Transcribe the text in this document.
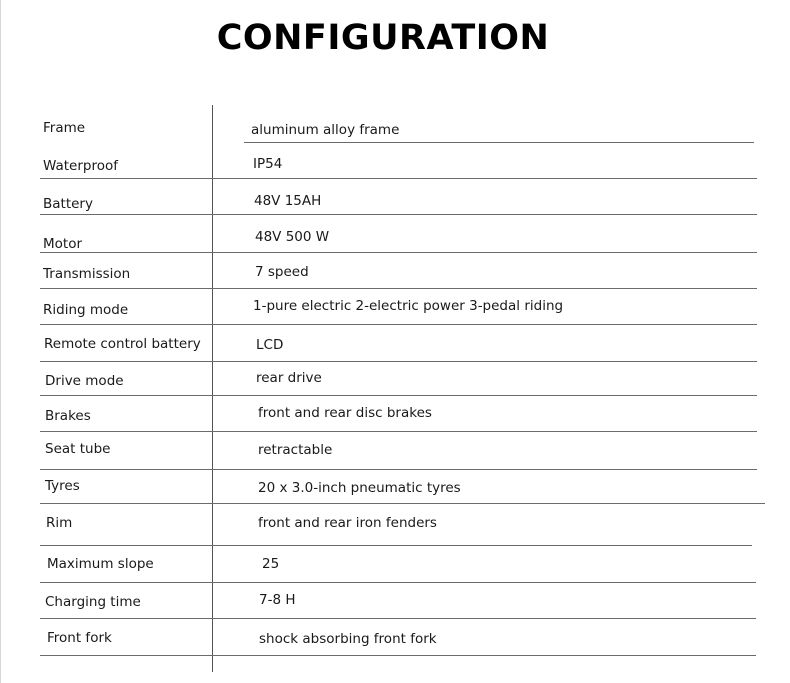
CONFIGURATION
Frame	aluminum alloy frame
Waterproof	IP54
Battery	48V 15AH
Motor	48V 500 W
Transmission	7 speed
Riding mode	1-pure electric 2-electric power 3-pedal riding
Remote control battery	LCD
Drive mode	rear drive
Brakes	front and rear disc brakes
Seat tube	retractable
Tyres	20 x 3.0-inch pneumatic tyres
Rim	front and rear iron fenders
Maximum slope	25
Charging time	7-8 H
Front fork	shock absorbing front fork
